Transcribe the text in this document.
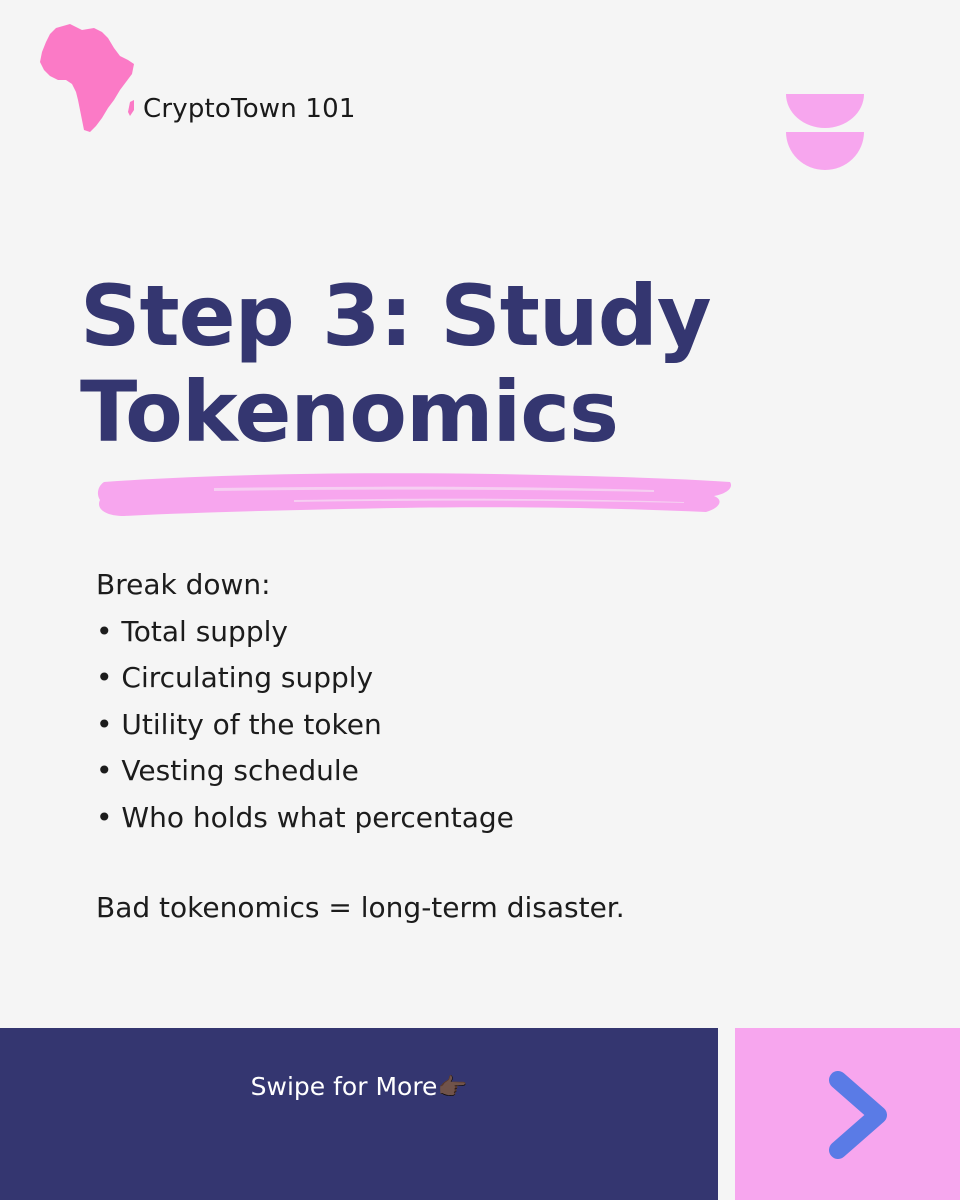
CryptoTown 101
Step 3: Study
Tokenomics
Break down:
• Total supply
• Circulating supply
• Utility of the token
• Vesting schedule
• Who holds what percentage
Bad tokenomics = long-term disaster.
Swipe for More👉🏿
